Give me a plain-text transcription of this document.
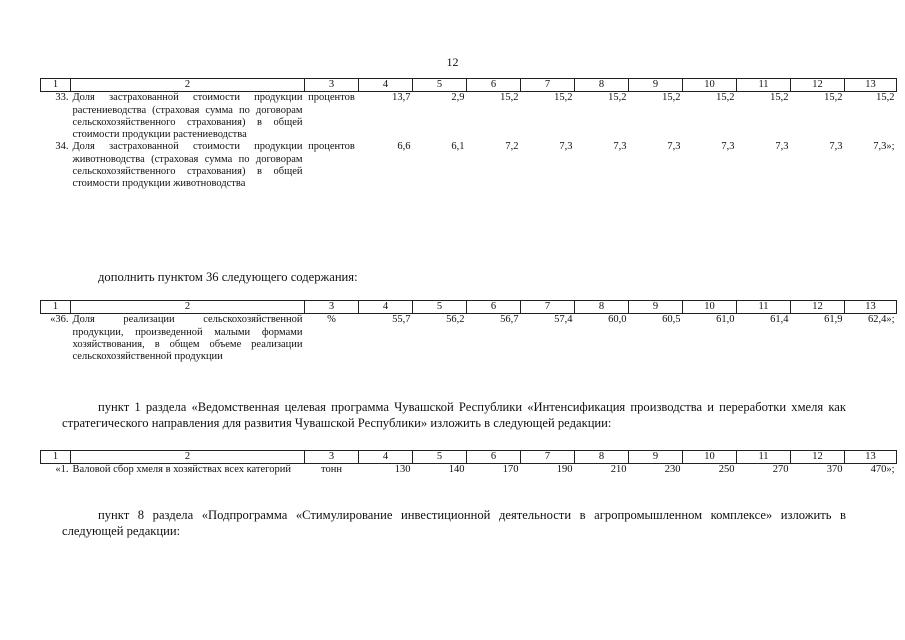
12
1	2	3	4	5	6	7	8	9	10	11	12	13
33.	Доля застрахованной стоимости продукции растениеводства (страховая сумма по договорам сельскохозяйственного страхования) в общей стоимости продукции растениеводства	процентов	13,7	2,9	15,2	15,2	15,2	15,2	15,2	15,2	15,2	15,2
34.	Доля застрахованной стоимости продукции животноводства (страховая сумма по договорам сельскохозяйственного страхования) в общей стоимости продукции животноводства	процентов	6,6	6,1	7,2	7,3	7,3	7,3	7,3	7,3	7,3	7,3»;
дополнить пунктом 36 следующего содержания:
1	2	3	4	5	6	7	8	9	10	11	12	13
«36.	Доля реализации сельскохозяйственной продукции, произведенной малыми формами хозяйствования, в общем объеме реализации сельскохозяйственной продукции	%	55,7	56,2	56,7	57,4	60,0	60,5	61,0	61,4	61,9	62,4»;
пункт 1 раздела «Ведомственная целевая программа Чувашской Республики «Интенсификация производства и переработки хмеля как стратегического направления для развития Чувашской Республики» изложить в следующей редакции:
1	2	3	4	5	6	7	8	9	10	11	12	13
«1.	Валовой сбор хмеля в хозяйствах всех категорий	тонн	130	140	170	190	210	230	250	270	370	470»;
пункт 8 раздела «Подпрограмма «Стимулирование инвестиционной деятельности в агропромышленном комплексе» изложить в следующей редакции:
